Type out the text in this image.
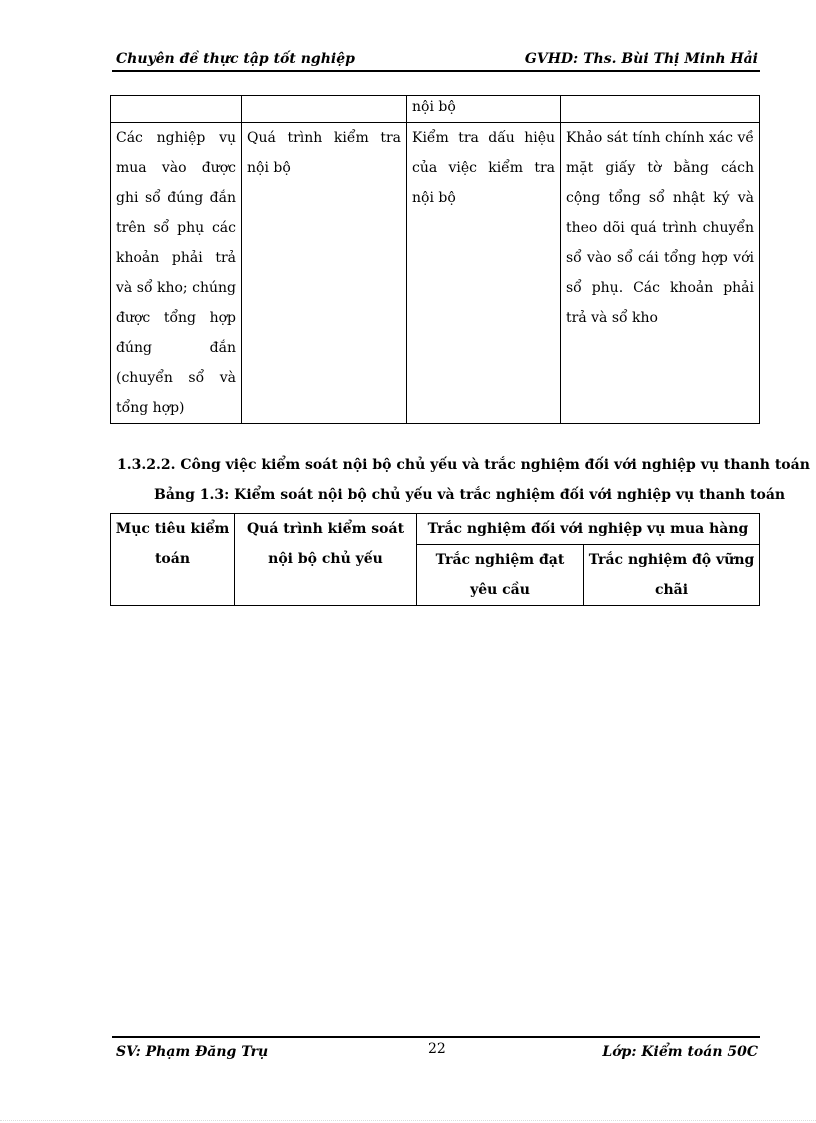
Chuyên đề thực tập tốt nghiệp	GVHD: Ths. Bùi Thị Minh Hải
		nội bộ	
Các nghiệp vụ mua vào được ghi sổ đúng đắn trên sổ phụ các khoản phải trả và sổ kho; chúng được tổng hợp đúng đắn (chuyển sổ và tổng hợp)	Quá trình kiểm tra nội bộ	Kiểm tra dấu hiệu của việc kiểm tra nội bộ	Khảo sát tính chính xác về mặt giấy tờ bằng cách cộng tổng sổ nhật ký và theo dõi quá trình chuyển sổ vào sổ cái tổng hợp với sổ phụ. Các khoản phải trả và sổ kho
1.3.2.2. Công việc kiểm soát nội bộ chủ yếu và trắc nghiệm đối với nghiệp vụ thanh toán
Bảng 1.3: Kiểm soát nội bộ chủ yếu và trắc nghiệm đối với nghiệp vụ thanh toán
Mục tiêu kiểm toán	Quá trình kiểm soát nội bộ chủ yếu	Trắc nghiệm đối với nghiệp vụ mua hàng	
		Trắc nghiệm đạt yêu cầu	Trắc nghiệm độ vững chãi
SV: Phạm Đăng Trụ	22	Lớp: Kiểm toán 50C
